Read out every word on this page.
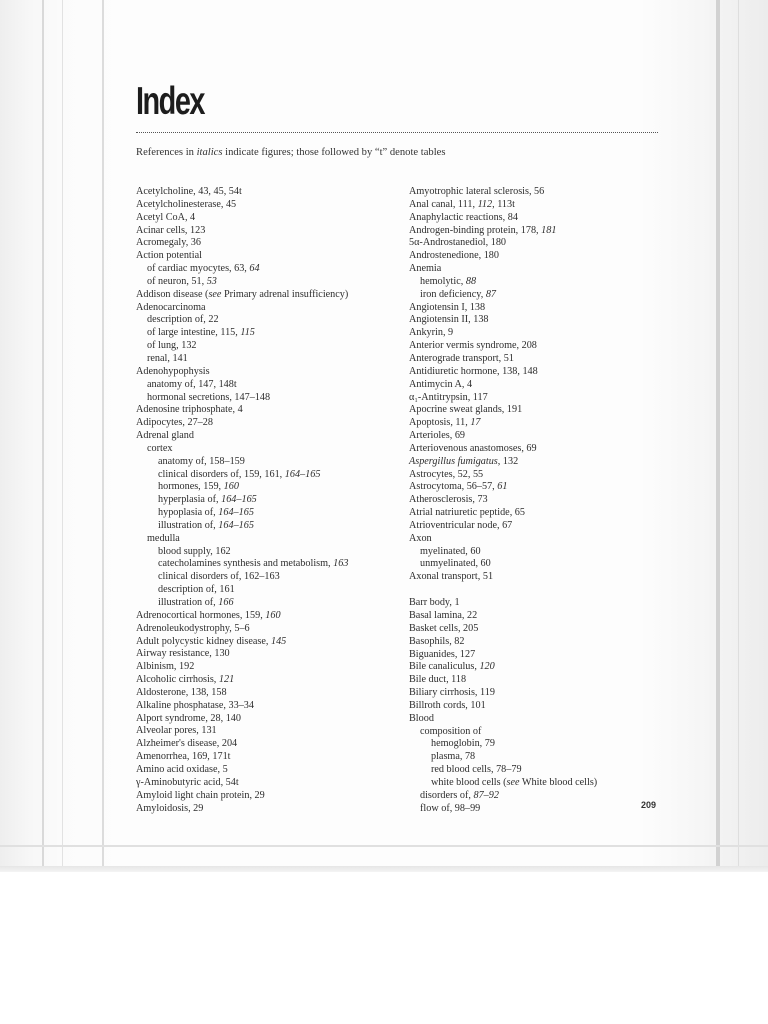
Index
References in italics indicate figures; those followed by “t” denote tables
Acetylcholine, 43, 45, 54t
Acetylcholinesterase, 45
Acetyl CoA, 4
Acinar cells, 123
Acromegaly, 36
Action potential
of cardiac myocytes, 63, 64
of neuron, 51, 53
Addison disease (see Primary adrenal insufficiency)
Adenocarcinoma
description of, 22
of large intestine, 115, 115
of lung, 132
renal, 141
Adenohypophysis
anatomy of, 147, 148t
hormonal secretions, 147–148
Adenosine triphosphate, 4
Adipocytes, 27–28
Adrenal gland
cortex
anatomy of, 158–159
clinical disorders of, 159, 161, 164–165
hormones, 159, 160
hyperplasia of, 164–165
hypoplasia of, 164–165
illustration of, 164–165
medulla
blood supply, 162
catecholamines synthesis and metabolism, 163
clinical disorders of, 162–163
description of, 161
illustration of, 166
Adrenocortical hormones, 159, 160
Adrenoleukodystrophy, 5–6
Adult polycystic kidney disease, 145
Airway resistance, 130
Albinism, 192
Alcoholic cirrhosis, 121
Aldosterone, 138, 158
Alkaline phosphatase, 33–34
Alport syndrome, 28, 140
Alveolar pores, 131
Alzheimer's disease, 204
Amenorrhea, 169, 171t
Amino acid oxidase, 5
γ-Aminobutyric acid, 54t
Amyloid light chain protein, 29
Amyloidosis, 29
Amyotrophic lateral sclerosis, 56
Anal canal, 111, 112, 113t
Anaphylactic reactions, 84
Androgen-binding protein, 178, 181
5α-Androstanediol, 180
Androstenedione, 180
Anemia
hemolytic, 88
iron deficiency, 87
Angiotensin I, 138
Angiotensin II, 138
Ankyrin, 9
Anterior vermis syndrome, 208
Anterograde transport, 51
Antidiuretic hormone, 138, 148
Antimycin A, 4
α₁-Antitrypsin, 117
Apocrine sweat glands, 191
Apoptosis, 11, 17
Arterioles, 69
Arteriovenous anastomoses, 69
Aspergillus fumigatus, 132
Astrocytes, 52, 55
Astrocytoma, 56–57, 61
Atherosclerosis, 73
Atrial natriuretic peptide, 65
Atrioventricular node, 67
Axon
myelinated, 60
unmyelinated, 60
Axonal transport, 51
Barr body, 1
Basal lamina, 22
Basket cells, 205
Basophils, 82
Biguanides, 127
Bile canaliculus, 120
Bile duct, 118
Biliary cirrhosis, 119
Billroth cords, 101
Blood
composition of
hemoglobin, 79
plasma, 78
red blood cells, 78–79
white blood cells (see White blood cells)
disorders of, 87–92
flow of, 98–99	209
